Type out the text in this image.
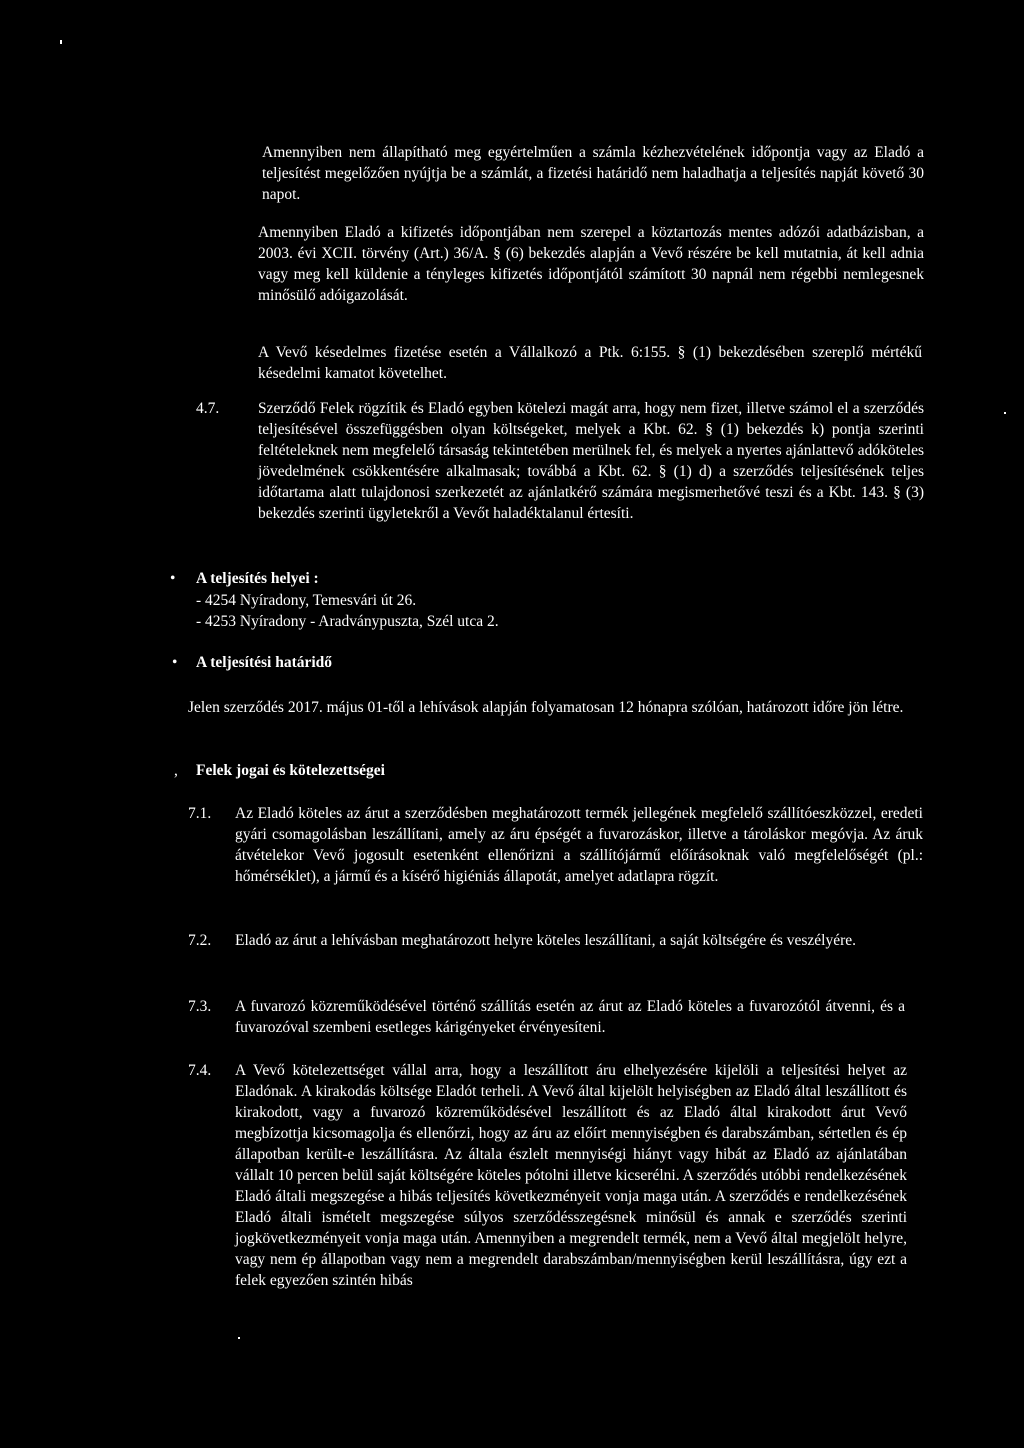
Amennyiben nem állapítható meg egyértelműen a számla kézhezvételének időpontja vagy az Eladó a teljesítést megelőzően nyújtja be a számlát, a fizetési határidő nem haladhatja a teljesítés napját követő 30 napot.
Amennyiben Eladó a kifizetés időpontjában nem szerepel a köztartozás mentes adózói adatbázisban, a 2003. évi XCII. törvény (Art.) 36/A. § (6) bekezdés alapján a Vevő részére be kell mutatnia, át kell adnia vagy meg kell küldenie a tényleges kifizetés időpontjától számított 30 napnál nem régebbi nemlegesnek minősülő adóigazolását.
A Vevő késedelmes fizetése esetén a Vállalkozó a Ptk. 6:155. § (1) bekezdésében szereplő mértékű késedelmi kamatot követelhet.
4.7.	Szerződő Felek rögzítik és Eladó egyben kötelezi magát arra, hogy nem fizet, illetve számol el a szerződés teljesítésével összefüggésben olyan költségeket, melyek a Kbt. 62. § (1) bekezdés k) pontja szerinti feltételeknek nem megfelelő társaság tekintetében merülnek fel, és melyek a nyertes ajánlattevő adóköteles jövedelmének csökkentésére alkalmasak; továbbá a Kbt. 62. § (1) d) a szerződés teljesítésének teljes időtartama alatt tulajdonosi szerkezetét az ajánlatkérő számára megismerhetővé teszi és a Kbt. 143. § (3) bekezdés szerinti ügyletekről a Vevőt haladéktalanul értesíti.
• A teljesítés helyei :
- 4254 Nyíradony, Temesvári út 26.
- 4253 Nyíradony - Aradványpuszta, Szél utca 2.
• A teljesítési határidő
Jelen szerződés 2017. május 01-től a lehívások alapján folyamatosan 12 hónapra szólóan, határozott időre jön létre.
, Felek jogai és kötelezettségei
7.1. Az Eladó köteles az árut a szerződésben meghatározott termék jellegének megfelelő szállítóeszközzel, eredeti gyári csomagolásban leszállítani, amely az áru épségét a fuvarozáskor, illetve a tároláskor megóvja. Az áruk átvételekor Vevő jogosult esetenként ellenőrizni a szállítójármű előírásoknak való megfelelőségét (pl.: hőmérséklet), a jármű és a kísérő higiéniás állapotát, amelyet adatlapra rögzít.
7.2. Eladó az árut a lehívásban meghatározott helyre köteles leszállítani, a saját költségére és veszélyére.
7.3. A fuvarozó közreműködésével történő szállítás esetén az árut az Eladó köteles a fuvarozótól átvenni, és a fuvarozóval szembeni esetleges kárigényeket érvényesíteni.
7.4. A Vevő kötelezettséget vállal arra, hogy a leszállított áru elhelyezésére kijelöli a teljesítési helyet az Eladónak. A kirakodás költsége Eladót terheli. A Vevő által kijelölt helyiségben az Eladó által leszállított és kirakodott, vagy a fuvarozó közreműködésével leszállított és az Eladó által kirakodott árut Vevő megbízottja kicsomagolja és ellenőrzi, hogy az áru az előírt mennyiségben és darabszámban, sértetlen és ép állapotban került-e leszállításra. Az általa észlelt mennyiségi hiányt vagy hibát az Eladó az ajánlatában vállalt 10 percen belül saját költségére köteles pótolni illetve kicserélni. A szerződés utóbbi rendelkezésének Eladó általi megszegése a hibás teljesítés következményeit vonja maga után. A szerződés e rendelkezésének Eladó általi ismételt megszegése súlyos szerződésszegésnek minősül és annak e szerződés szerinti jogkövetkezményeit vonja maga után. Amennyiben a megrendelt termék, nem a Vevő által megjelölt helyre, vagy nem ép állapotban vagy nem a megrendelt darabszámban/mennyiségben kerül leszállításra, úgy ezt a felek egyezően szintén hibás
